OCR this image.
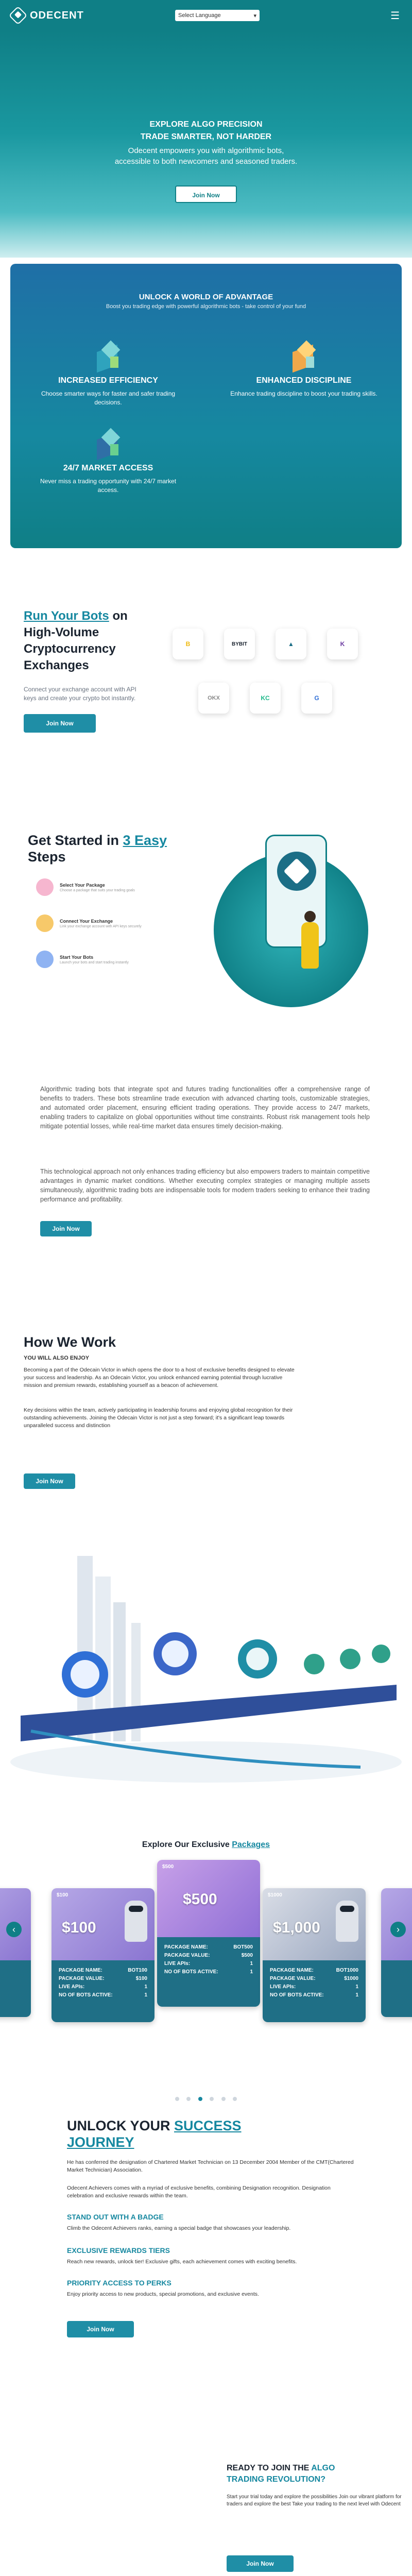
ODECENT	Select Language	▾	☰
EXPLORE ALGO PRECISION
TRADE SMARTER, NOT HARDER

Odecent empowers you with algorithmic bots,
accessible to both newcomers and seasoned traders.

Join Now
UNLOCK A WORLD OF ADVANTAGE
Boost you trading edge with powerful algorithmic bots - take control of your fund
INCREASED EFFICIENCY

Choose smarter ways for faster and safer trading decisions.

ENHANCED DISCIPLINE

Enhance trading discipline to boost your trading skills.

24/7 MARKET ACCESS

Never miss a trading opportunity with 24/7 market access.

Run Your Bots on High-Volume Cryptocurrency Exchanges

Connect your exchange account with API keys and create your crypto bot instantly.

Join Now
B	BYBIT	▲	K
OKX	KC	G
Get Started in 3 Easy
Steps
Select Your Package
Choose a package that suits your trading goals
Connect Your Exchange
Link your exchange account with API keys securely
Start Your Bots
Launch your bots and start trading instantly

Algorithmic trading bots that integrate spot and futures trading functionalities offer a comprehensive range of benefits to traders. These bots streamline trade execution with advanced charting tools, customizable strategies, and automated order placement, ensuring efficient trading operations. They provide access to 24/7 markets, enabling traders to capitalize on global opportunities without time constraints. Robust risk management tools help mitigate potential losses, while real-time market data ensures timely decision-making.

This technological approach not only enhances trading efficiency but also empowers traders to maintain competitive advantages in dynamic market conditions. Whether executing complex strategies or managing multiple assets simultaneously, algorithmic trading bots are indispensable tools for modern traders seeking to enhance their trading performance and profitability.

Join Now
How We Work
YOU WILL ALSO ENJOY

Becoming a part of the Odecain Victor in which opens the door to a host of exclusive benefits designed to elevate your success and leadership. As an Odecain Victor, you unlock enhanced earning potential through lucrative mission and premium rewards, establishing yourself as a beacon of achievement.

Key decisions within the team, actively participating in leadership forums and enjoying global recognition for their outstanding achievements. Joining the Odecain Victor is not just a step forward; it's a significant leap towards unparalleled success and distinction

Join Now
Explore Our Exclusive Packages
$100
$100
PACKAGE NAME:	BOT100
PACKAGE VALUE:	$100
LIVE APIs:	1
NO OF BOTS ACTIVE:	1
$500
$500
PACKAGE NAME:	BOT500
PACKAGE VALUE:	$500
LIVE APIs:	1
NO OF BOTS ACTIVE:	1
$1000
$1,000
PACKAGE NAME:	BOT1000
PACKAGE VALUE:	$1000
LIVE APIs:	1
NO OF BOTS ACTIVE:	1
‹	›
UNLOCK YOUR SUCCESS
JOURNEY

He has conferred the designation of Chartered Market Technician on 13 December 2004 Member of the CMT(Chartered Market Technician) Association.

Odecent Achievers comes with a myriad of exclusive benefits, combining Designation recognition. Designation celebration and exclusive rewards within the team.

STAND OUT WITH A BADGE

Climb the Odecent Achievers ranks, earning a special badge that showcases your leadership.

EXCLUSIVE REWARDS TIERS

Reach new rewards, unlock tier! Exclusive gifts, each achievement comes with exciting benefits.

PRIORITY ACCESS TO PERKS

Enjoy priority access to new products, special promotions, and exclusive events.

Join Now
READY TO JOIN THE ALGO TRADING REVOLUTION?

Start your trial today and explore the possibilities Join our vibrant platform for traders and explore the best Take your trading to the next level with Odecent

Join Now
